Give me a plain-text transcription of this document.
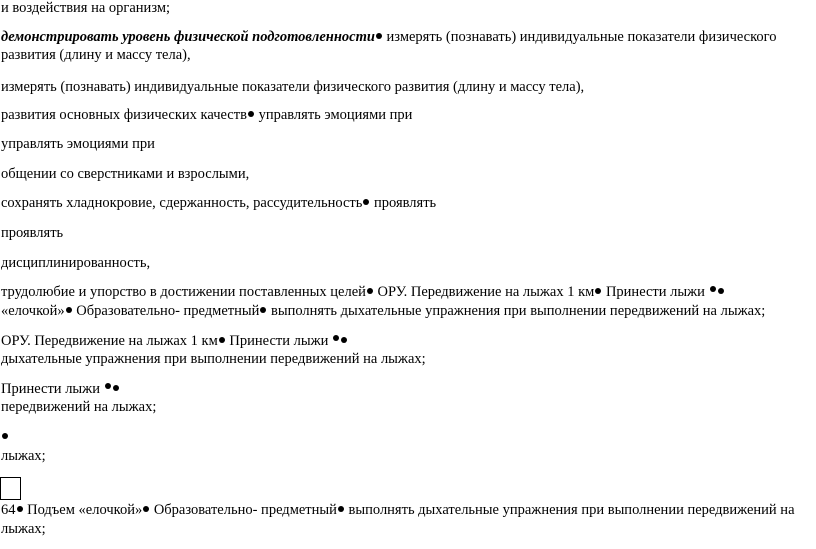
и воздействия на организм;
демонстрировать уровень физической подготовленности измерять (познавать) индивидуальные показатели физического
развития (длину и массу тела),
измерять (познавать) индивидуальные показатели физического развития (длину и массу тела),
развития основных физических качеств управлять эмоциями при
управлять эмоциями при
общении со сверстниками и взрослыми,
сохранять хладнокровие, сдержанность, рассудительность проявлять
проявлять
дисциплинированность,
трудолюбие и упорство в достижении поставленных целей ОРУ. Передвижение на лыжах 1 км Принести лыжи
«елочкой» Образовательно- предметный выполнять дыхательные упражнения при выполнении передвижений на лыжах;
ОРУ. Передвижение на лыжах 1 км Принести лыжи
дыхательные упражнения при выполнении передвижений на лыжах;
Принести лыжи
передвижений на лыжах;
лыжах;
64 Подъем «елочкой» Образовательно- предметный выполнять дыхательные упражнения при выполнении передвижений на
лыжах;
